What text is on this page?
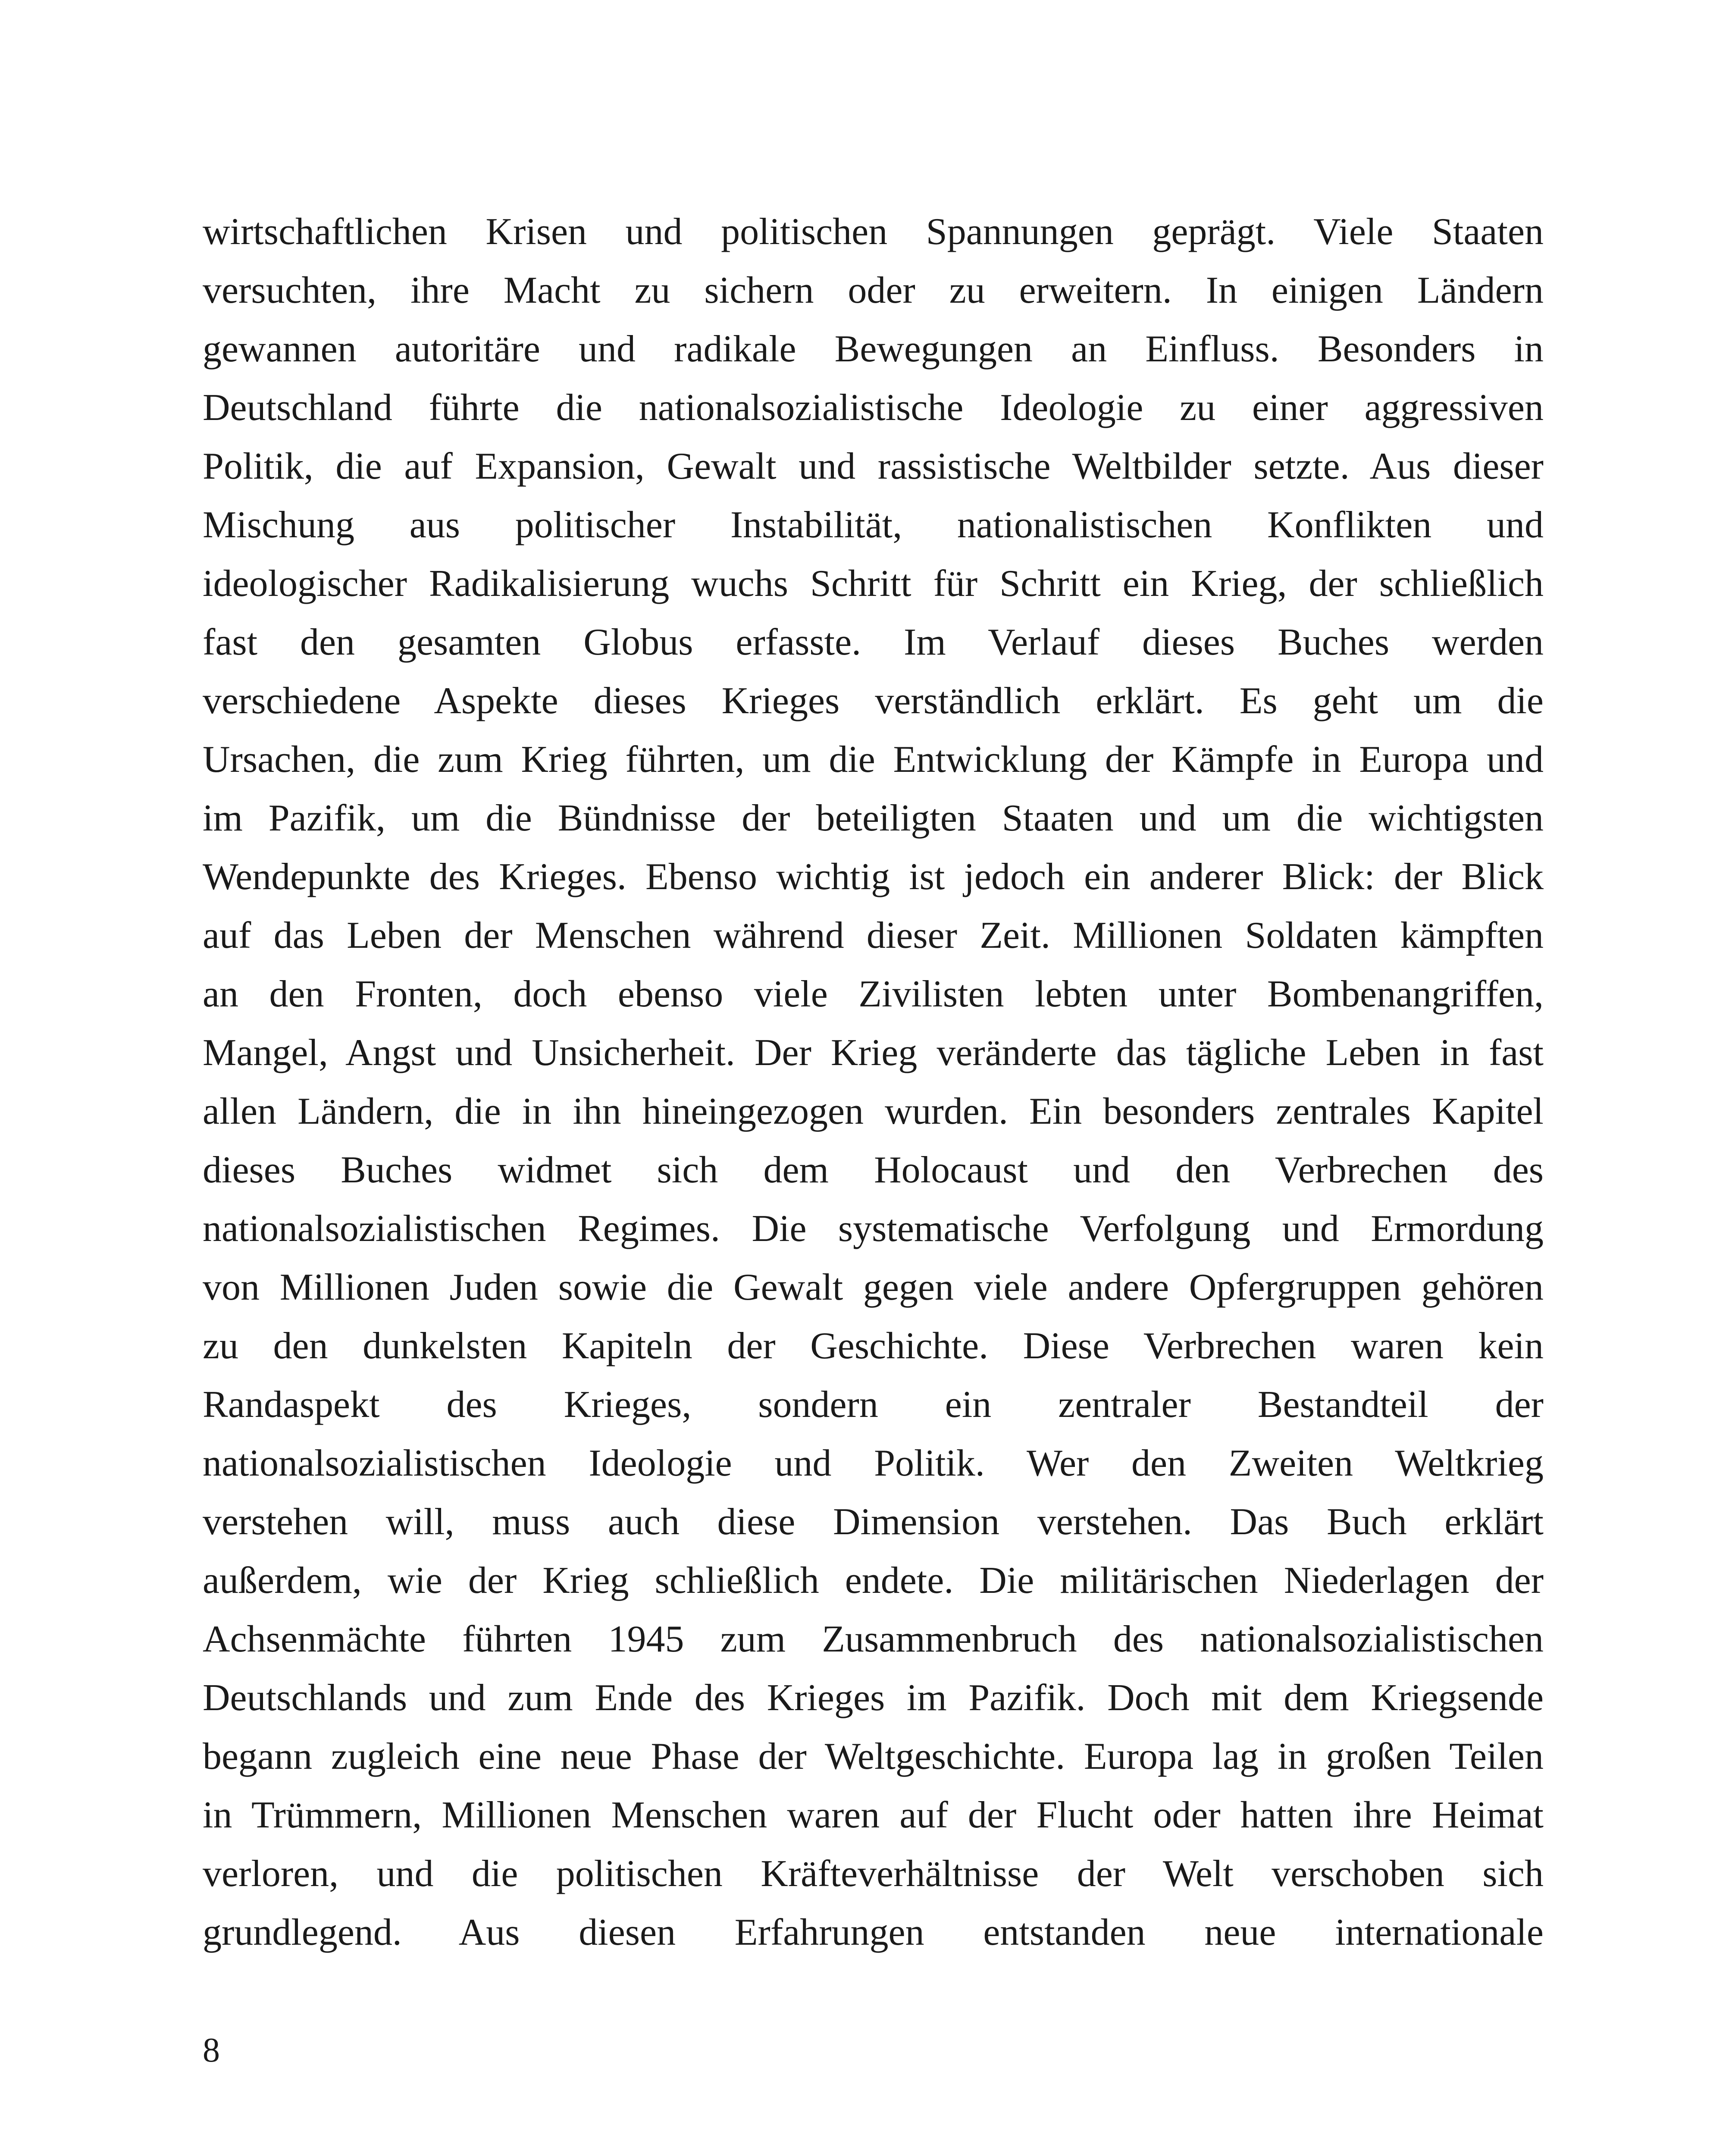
wirtschaftlichen Krisen und politischen Spannungen geprägt. Viele Staaten
versuchten, ihre Macht zu sichern oder zu erweitern. In einigen Ländern
gewannen autoritäre und radikale Bewegungen an Einfluss. Besonders in
Deutschland führte die nationalsozialistische Ideologie zu einer aggressiven
Politik, die auf Expansion, Gewalt und rassistische Weltbilder setzte. Aus dieser
Mischung aus politischer Instabilität, nationalistischen Konflikten und
ideologischer Radikalisierung wuchs Schritt für Schritt ein Krieg, der schließlich
fast den gesamten Globus erfasste. Im Verlauf dieses Buches werden
verschiedene Aspekte dieses Krieges verständlich erklärt. Es geht um die
Ursachen, die zum Krieg führten, um die Entwicklung der Kämpfe in Europa und
im Pazifik, um die Bündnisse der beteiligten Staaten und um die wichtigsten
Wendepunkte des Krieges. Ebenso wichtig ist jedoch ein anderer Blick: der Blick
auf das Leben der Menschen während dieser Zeit. Millionen Soldaten kämpften
an den Fronten, doch ebenso viele Zivilisten lebten unter Bombenangriffen,
Mangel, Angst und Unsicherheit. Der Krieg veränderte das tägliche Leben in fast
allen Ländern, die in ihn hineingezogen wurden. Ein besonders zentrales Kapitel
dieses Buches widmet sich dem Holocaust und den Verbrechen des
nationalsozialistischen Regimes. Die systematische Verfolgung und Ermordung
von Millionen Juden sowie die Gewalt gegen viele andere Opfergruppen gehören
zu den dunkelsten Kapiteln der Geschichte. Diese Verbrechen waren kein
Randaspekt des Krieges, sondern ein zentraler Bestandteil der
nationalsozialistischen Ideologie und Politik. Wer den Zweiten Weltkrieg
verstehen will, muss auch diese Dimension verstehen. Das Buch erklärt
außerdem, wie der Krieg schließlich endete. Die militärischen Niederlagen der
Achsenmächte führten 1945 zum Zusammenbruch des nationalsozialistischen
Deutschlands und zum Ende des Krieges im Pazifik. Doch mit dem Kriegsende
begann zugleich eine neue Phase der Weltgeschichte. Europa lag in großen Teilen
in Trümmern, Millionen Menschen waren auf der Flucht oder hatten ihre Heimat
verloren, und die politischen Kräfteverhältnisse der Welt verschoben sich
grundlegend. Aus diesen Erfahrungen entstanden neue internationale
8
